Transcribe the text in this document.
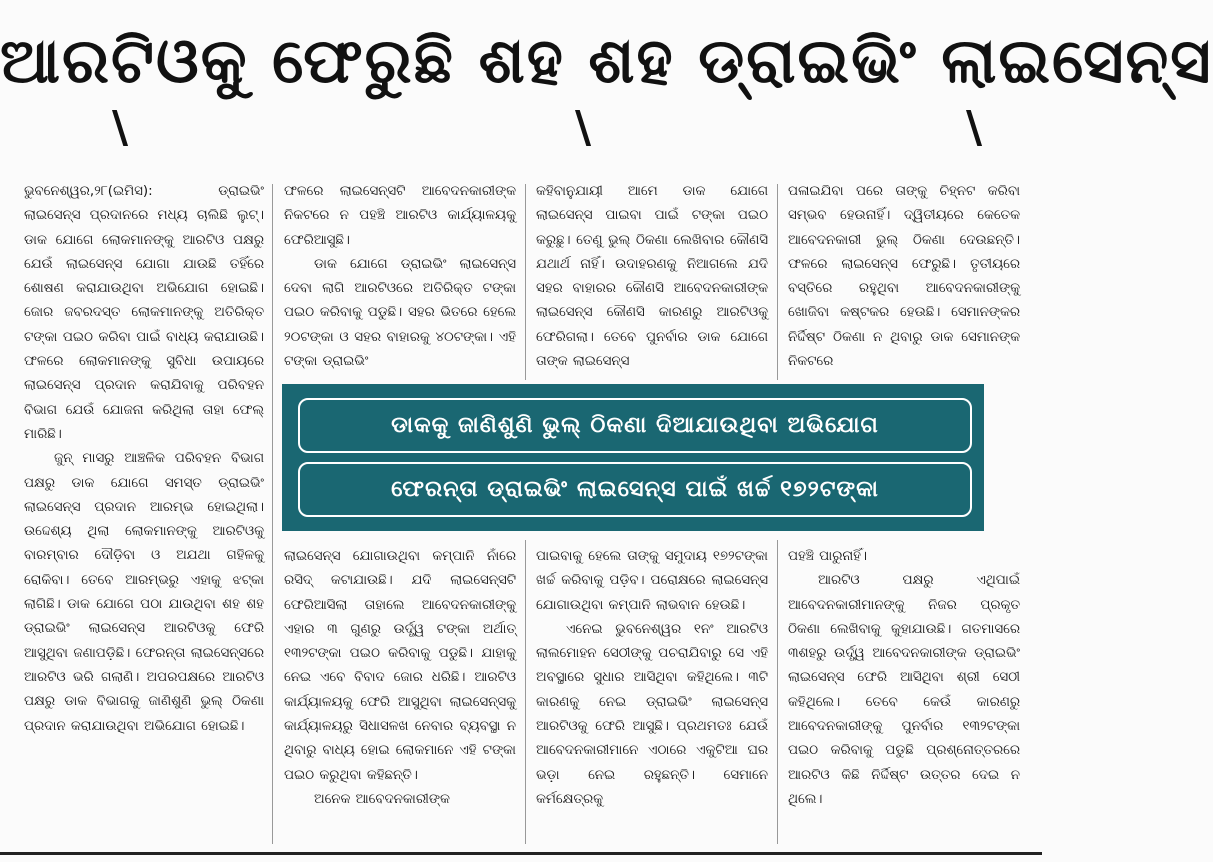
ଆରଟିଓକୁ ଫେରୁଛି ଶହ ଶହ ଡ୍ରାଇଭିଂ ଲାଇସେନ୍ସ
\	\	\

ଭୁବନେଶ୍ୱର,୨୮(ଇମିସ): ଡ୍ରାଇଭିଂ ଲାଇସେନ୍ସ ପ୍ରଦାନରେ ମଧ୍ୟ ଚାଲିଛି ଲୁଟ୍। ଡାକ ଯୋଗେ ଲୋକମାନଙ୍କୁ ଆରଟିଓ ପକ୍ଷରୁ ଯେଉଁ ଲାଇସେନ୍ସ ଯୋଗା ଯାଉଛି ତହିଁରେ ଶୋଷଣ କରାଯାଉଥିବା ଅଭିଯୋଗ ହୋଇଛି। ଜୋର ଜବରଦସ୍ତ ଲୋକମାନଙ୍କୁ ଅତିରିକ୍ତ ଟଙ୍କା ପଇଠ କରିବା ପାଇଁ ବାଧ୍ୟ କରାଯାଉଛି। ଫଳରେ ଲୋକମାନଙ୍କୁ ସୁବିଧା ଉପାୟରେ ଲାଇସେନ୍ସ ପ୍ରଦାନ କରାଯିବାକୁ ପରିବହନ ବିଭାଗ ଯେଉଁ ଯୋଜନା କରିଥିଲା ତାହା ଫେଲ୍ ମାରିଛି।

ଜୁନ୍ ମାସରୁ ଆଞ୍ଚଳିକ ପରିବହନ ବିଭାଗ ପକ୍ଷରୁ ଡାକ ଯୋଗେ ସମସ୍ତ ଡ୍ରାଇଭିଂ ଲାଇସେନ୍ସ ପ୍ରଦାନ ଆରମ୍ଭ ହୋଇଥିଲା। ଉଦ୍ଦେଶ୍ୟ ଥିଲା ଲୋକମାନଙ୍କୁ ଆରଟିଓକୁ ବାରମ୍ବାର ଦୌଡ଼ିବା ଓ ଅଯଥା ଗହିଳକୁ ରୋକିବା। ତେବେ ଆରମ୍ଭରୁ ଏହାକୁ ଝଟ୍କା ଲାଗିଛି। ଡାକ ଯୋଗେ ପଠା ଯାଉଥିବା ଶହ ଶହ ଡ୍ରାଇଭିଂ ଲାଇସେନ୍ସ ଆରଟିଓକୁ ଫେରି ଆସୁଥିବା ଜଣାପଡ଼ିଛି। ଫେରନ୍ତା ଲାଇସେନ୍ସରେ ଆରଟିଓ ଭରି ଗଲାଣି। ଅପରପକ୍ଷରେ ଆରଟିଓ ପକ୍ଷରୁ ଡାକ ବିଭାଗକୁ ଜାଣିଶୁଣି ଭୁଲ୍ ଠିକଣା ପ୍ରଦାନ କରାଯାଉଥିବା ଅଭିଯୋଗ ହୋଇଛି।

ଫଳରେ ଲାଇସେନ୍ସଟି ଆବେଦନକାରୀଙ୍କ ନିକଟରେ ନ ପହଞ୍ଚି ଆରଟିଓ କାର୍ଯ୍ୟାଳୟକୁ ଫେରିଆସୁଛି।

ଡାକ ଯୋଗେ ଡ୍ରାଇଭିଂ ଲାଇସେନ୍ସ ଦେବା ଲାଗି ଆରଟିଓରେ ଅତିରିକ୍ତ ଟଙ୍କା ପଇଠ କରିବାକୁ ପଡୁଛି। ସହର ଭିତରେ ହେଲେ ୨୦ଟଙ୍କା ଓ ସହର ବାହାରକୁ ୪୦ଟଙ୍କା। ଏହି ଟଙ୍କା ଡ୍ରାଇଭିଂ

କହିବାନୁଯାୟୀ ଆମେ ଡାକ ଯୋଗେ ଲାଇସେନ୍ସ ପାଇବା ପାଇଁ ଟଙ୍କା ପଇଠ କରୁଛୁ। ତେଣୁ ଭୁଲ୍ ଠିକଣା ଲେଖିବାର କୌଣସି ଯଥାର୍ଥ ନାହିଁ। ଉଦାହରଣକୁ ନିଆଗଲେ ଯଦି ସହର ବାହାରର କୌଣସି ଆବେଦନକାରୀଙ୍କ ଲାଇସେନ୍ସ କୌଣସି କାରଣରୁ ଆରଟିଓକୁ ଫେରିଗଲା। ତେବେ ପୁନର୍ବାର ଡାକ ଯୋଗେ ତାଙ୍କ ଲାଇସେନ୍ସ

ପଳାଇଯିବା ପରେ ତାଙ୍କୁ ଚିହ୍ନଟ କରିବା ସମ୍ଭବ ହେଉନାହିଁ। ଦ୍ୱିତୀୟରେ କେତେକ ଆବେଦନକାରୀ ଭୁଲ୍ ଠିକଣା ଦେଉଛନ୍ତି। ଫଳରେ ଲାଇସେନ୍ସ ଫେରୁଛି। ତୃତୀୟରେ ବସ୍ତିରେ ରହୁଥିବା ଆବେଦନକାରୀଙ୍କୁ ଖୋଜିବା କଷ୍ଟକର ହେଉଛି। ସେମାନଙ୍କର ନିର୍ଦ୍ଦିଷ୍ଟ ଠିକଣା ନ ଥିବାରୁ ଡାକ ସେମାନଙ୍କ ନିକଟରେ

ଡାକକୁ ଜାଣିଶୁଣି ଭୁଲ୍ ଠିକଣା ଦିଆଯାଉଥିବା ଅଭିଯୋଗ
ଫେରନ୍ତା ଡ୍ରାଇଭିଂ ଲାଇସେନ୍ସ ପାଇଁ ଖର୍ଚ୍ଚ ୧୭୨ଟଙ୍କା

ଲାଇସେନ୍ସ ଯୋଗାଉଥିବା କମ୍ପାନି ନାଁରେ ରସିଦ୍ କଟାଯାଉଛି। ଯଦି ଲାଇସେନ୍ସଟି ଫେରିଆସିଲା ତାହାଲେ ଆବେଦନକାରୀଙ୍କୁ ଏହାର ୩ ଗୁଣରୁ ଉର୍ଦ୍ଧ୍ୱ ଟଙ୍କା ଅର୍ଥାତ୍ ୧୩୨ଟଙ୍କା ପଇଠ କରିବାକୁ ପଡୁଛି। ଯାହାକୁ ନେଇ ଏବେ ବିବାଦ ଜୋର ଧରିଛି। ଆରଟିଓ କାର୍ଯ୍ୟାଳୟକୁ ଫେରି ଆସୁଥିବା ଲାଇସେନ୍ସକୁ କାର୍ଯ୍ୟାଳୟରୁ ସିଧାସଳଖ ନେବାର ବ୍ୟବସ୍ଥା ନ ଥିବାରୁ ବାଧ୍ୟ ହୋଇ ଲୋକମାନେ ଏହି ଟଙ୍କା ପଇଠ କରୁଥିବା କହିଛନ୍ତି।

ଅନେକ ଆବେଦନକାରୀଙ୍କ

ପାଇବାକୁ ହେଲେ ତାଙ୍କୁ ସମୁଦାୟ ୧୭୨ଟଙ୍କା ଖର୍ଚ୍ଚ କରିବାକୁ ପଡ଼ିବ। ପରୋକ୍ଷରେ ଲାଇସେନ୍ସ ଯୋଗାଉଥିବା କମ୍ପାନି ଲାଭବାନ ହେଉଛି।

ଏନେଇ ଭୁବନେଶ୍ୱର ୧ନଂ ଆରଟିଓ ଲାଲମୋହନ ସେଠୀଙ୍କୁ ପଚରାଯିବାରୁ ସେ ଏହି ଅବସ୍ଥାରେ ସୁଧାର ଆସିଥିବା କହିଥିଲେ। ୩ଟି କାରଣକୁ ନେଇ ଡ୍ରାଇଭିଂ ଲାଇସେନ୍ସ ଆରଟିଓକୁ ଫେରି ଆସୁଛି। ପ୍ରଥମତଃ ଯେଉଁ ଆବେଦନକାରୀମାନେ ଏଠାରେ ଏକୁଟିଆ ଘର ଭଡ଼ା ନେଇ ରହୁଛନ୍ତି। ସେମାନେ କର୍ମକ୍ଷେତ୍ରକୁ

ପହଞ୍ଚି ପାରୁନାହିଁ।

ଆରଟିଓ ପକ୍ଷରୁ ଏଥିପାଇଁ ଆବେଦନକାରୀମାନଙ୍କୁ ନିଜର ପ୍ରକୃତ ଠିକଣା ଲେଖିବାକୁ କୁହାଯାଉଛି। ଗତମାସରେ ୩ଶହରୁ ଉର୍ଦ୍ଧ୍ୱ ଆବେଦନକାରୀଙ୍କ ଡ୍ରାଇଭିଂ ଲାଇସେନ୍ସ ଫେରି ଆସିଥିବା ଶ୍ରୀ ସେଠୀ କହିଥିଲେ। ତେବେ କେଉଁ କାରଣରୁ ଆବେଦନକାରୀଙ୍କୁ ପୁନର୍ବାର ୧୩୨ଟଙ୍କା ପଇଠ କରିବାକୁ ପଡୁଛି ପ୍ରଶ୍ନୋତ୍ତରରେ ଆରଟିଓ କିଛି ନିର୍ଦ୍ଦିଷ୍ଟ ଉତ୍ତର ଦେଇ ନ ଥିଲେ।
